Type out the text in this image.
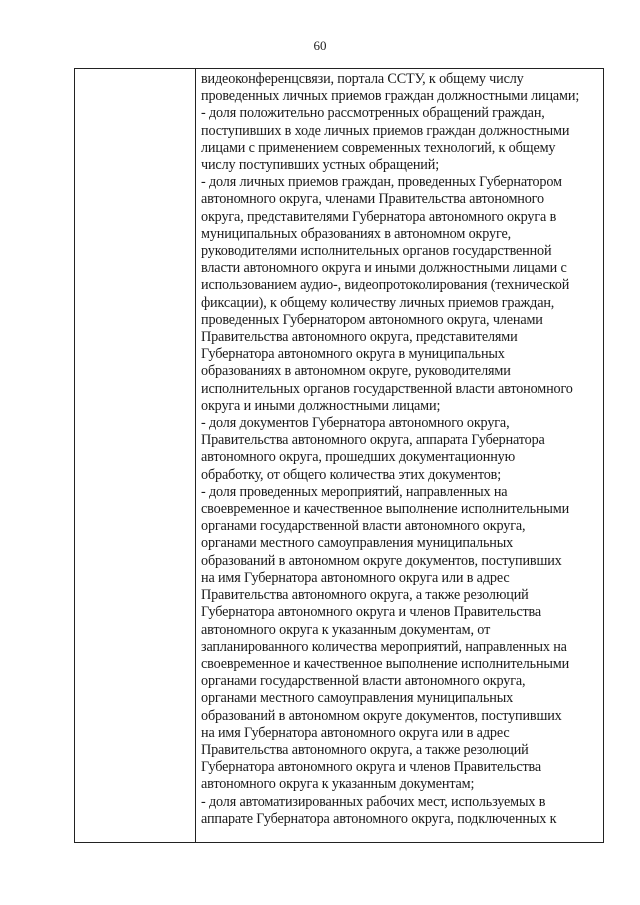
60
видеоконференцсвязи, портала ССТУ, к общему числу
проведенных личных приемов граждан должностными лицами;
- доля положительно рассмотренных обращений граждан,
поступивших в ходе личных приемов граждан должностными
лицами с применением современных технологий, к общему
числу поступивших устных обращений;
- доля личных приемов граждан, проведенных Губернатором
автономного округа, членами Правительства автономного
округа, представителями Губернатора автономного округа в
муниципальных образованиях в автономном округе,
руководителями исполнительных органов государственной
власти автономного округа и иными должностными лицами с
использованием аудио-, видеопротоколирования (технической
фиксации), к общему количеству личных приемов граждан,
проведенных Губернатором автономного округа, членами
Правительства автономного округа, представителями
Губернатора автономного округа в муниципальных
образованиях в автономном округе, руководителями
исполнительных органов государственной власти автономного
округа и иными должностными лицами;
- доля документов Губернатора автономного округа,
Правительства автономного округа, аппарата Губернатора
автономного округа, прошедших документационную
обработку, от общего количества этих документов;
- доля проведенных мероприятий, направленных на
своевременное и качественное выполнение исполнительными
органами государственной власти автономного округа,
органами местного самоуправления муниципальных
образований в автономном округе документов, поступивших
на имя Губернатора автономного округа или в адрес
Правительства автономного округа, а также резолюций
Губернатора автономного округа и членов Правительства
автономного округа к указанным документам, от
запланированного количества мероприятий, направленных на
своевременное и качественное выполнение исполнительными
органами государственной власти автономного округа,
органами местного самоуправления муниципальных
образований в автономном округе документов, поступивших
на имя Губернатора автономного округа или в адрес
Правительства автономного округа, а также резолюций
Губернатора автономного округа и членов Правительства
автономного округа к указанным документам;
- доля автоматизированных рабочих мест, используемых в
аппарате Губернатора автономного округа, подключенных к
